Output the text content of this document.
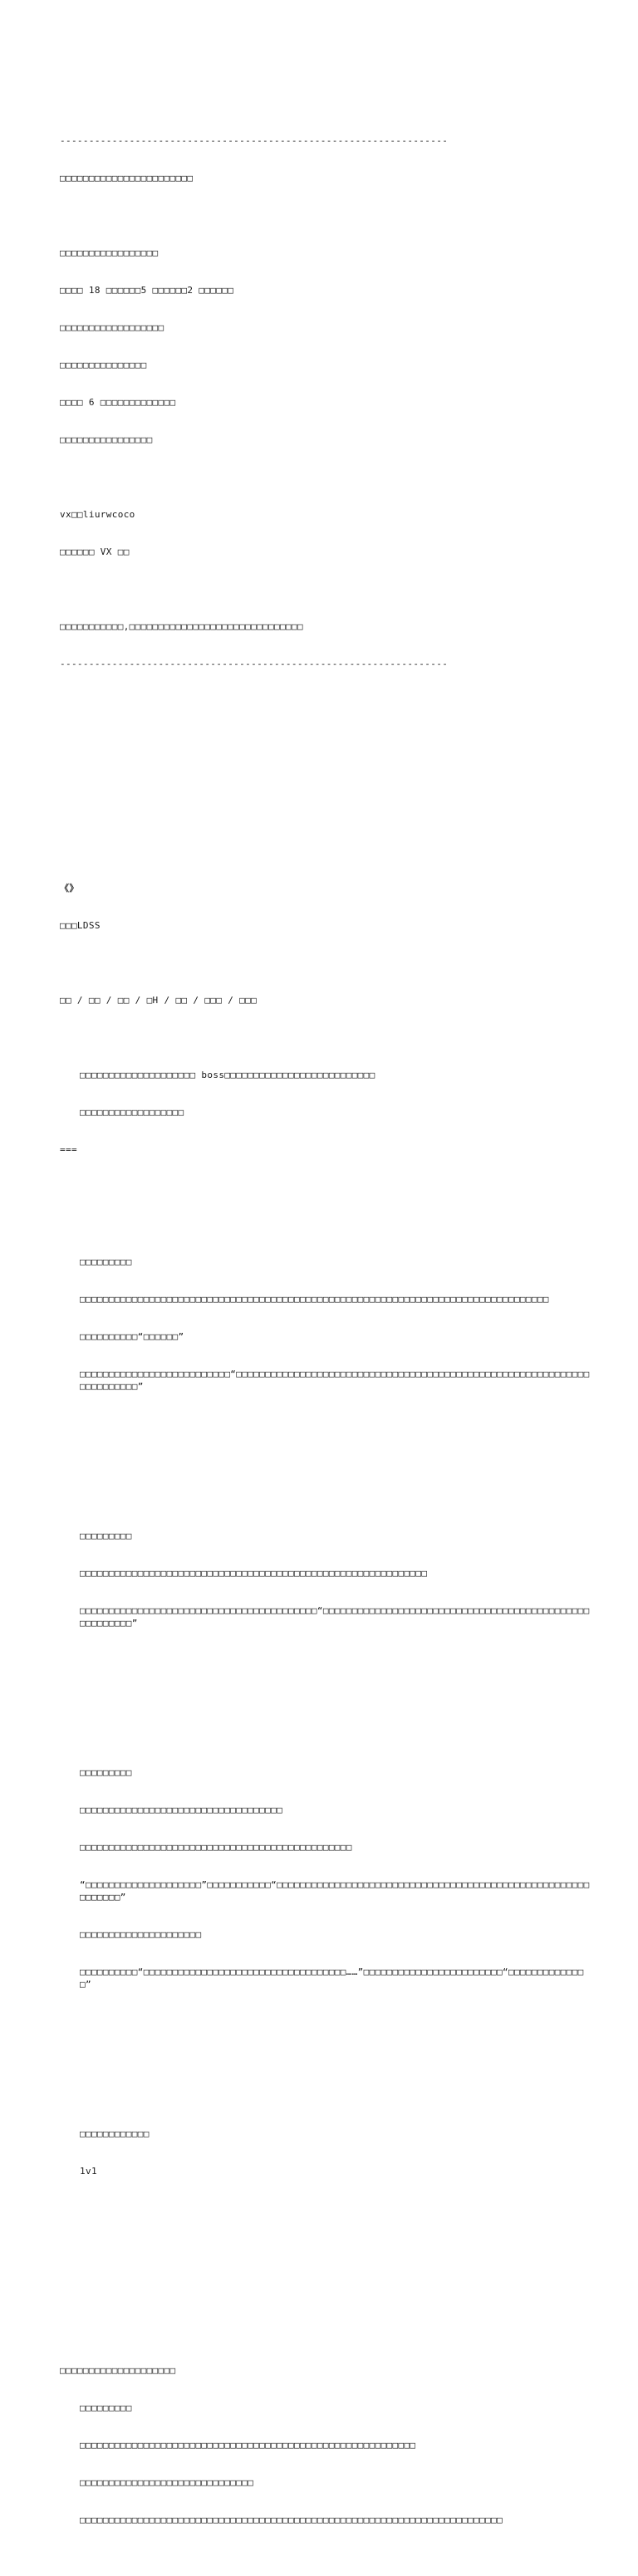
-------------------------------------------------------------------

□□□□□□□□□□□□□□□□□□□□□□□

□□□□□□□□□□□□□□□□□

□□□□ 18 □□□□□□5 □□□□□□2 □□□□□□

□□□□□□□□□□□□□□□□□□

□□□□□□□□□□□□□□□

□□□□ 6 □□□□□□□□□□□□□

□□□□□□□□□□□□□□□□

vx□□liurwcoco

□□□□□□ VX □□

□□□□□□□□□□□,□□□□□□□□□□□□□□□□□□□□□□□□□□□□□□

-------------------------------------------------------------------

《》

□□□LDSS

□□ / □□ / □□ / □H / □□ / □□□ / □□□

□□□□□□□□□□□□□□□□□□□□ boss□□□□□□□□□□□□□□□□□□□□□□□□□□

□□□□□□□□□□□□□□□□□□

===

□□□□□□□□□

□□□□□□□□□□□□□□□□□□□□□□□□□□□□□□□□□□□□□□□□□□□□□□□□□□□□□□□□□□□□□□□□□□□□□□□□□□□□□□□□□

□□□□□□□□□□“□□□□□□”

□□□□□□□□□□□□□□□□□□□□□□□□□□“□□□□□□□□□□□□□□□□□□□□□□□□□□□□□□□□□□□□□□□□□□□□□□□□□□□□□□□□□□□□□□□□□□□□□□□”

□□□□□□□□□

□□□□□□□□□□□□□□□□□□□□□□□□□□□□□□□□□□□□□□□□□□□□□□□□□□□□□□□□□□□□

□□□□□□□□□□□□□□□□□□□□□□□□□□□□□□□□□□□□□□□□□“□□□□□□□□□□□□□□□□□□□□□□□□□□□□□□□□□□□□□□□□□□□□□□□□□□□□□□□”

□□□□□□□□□

□□□□□□□□□□□□□□□□□□□□□□□□□□□□□□□□□□□

□□□□□□□□□□□□□□□□□□□□□□□□□□□□□□□□□□□□□□□□□□□□□□□

“□□□□□□□□□□□□□□□□□□□□”□□□□□□□□□□□“□□□□□□□□□□□□□□□□□□□□□□□□□□□□□□□□□□□□□□□□□□□□□□□□□□□□□□□□□□□□□”

□□□□□□□□□□□□□□□□□□□□□

□□□□□□□□□□“□□□□□□□□□□□□□□□□□□□□□□□□□□□□□□□□□□□……”□□□□□□□□□□□□□□□□□□□□□□□□“□□□□□□□□□□□□□□”

□□□□□□□□□□□□

1v1

□□□□□□□□□□□□□□□□□□□□

□□□□□□□□□

□□□□□□□□□□□□□□□□□□□□□□□□□□□□□□□□□□□□□□□□□□□□□□□□□□□□□□□□□□

□□□□□□□□□□□□□□□□□□□□□□□□□□□□□□

□□□□□□□□□□□□□□□□□□□□□□□□□□□□□□□□□□□□□□□□□□□□□□□□□□□□□□□□□□□□□□□□□□□□□□□□□
